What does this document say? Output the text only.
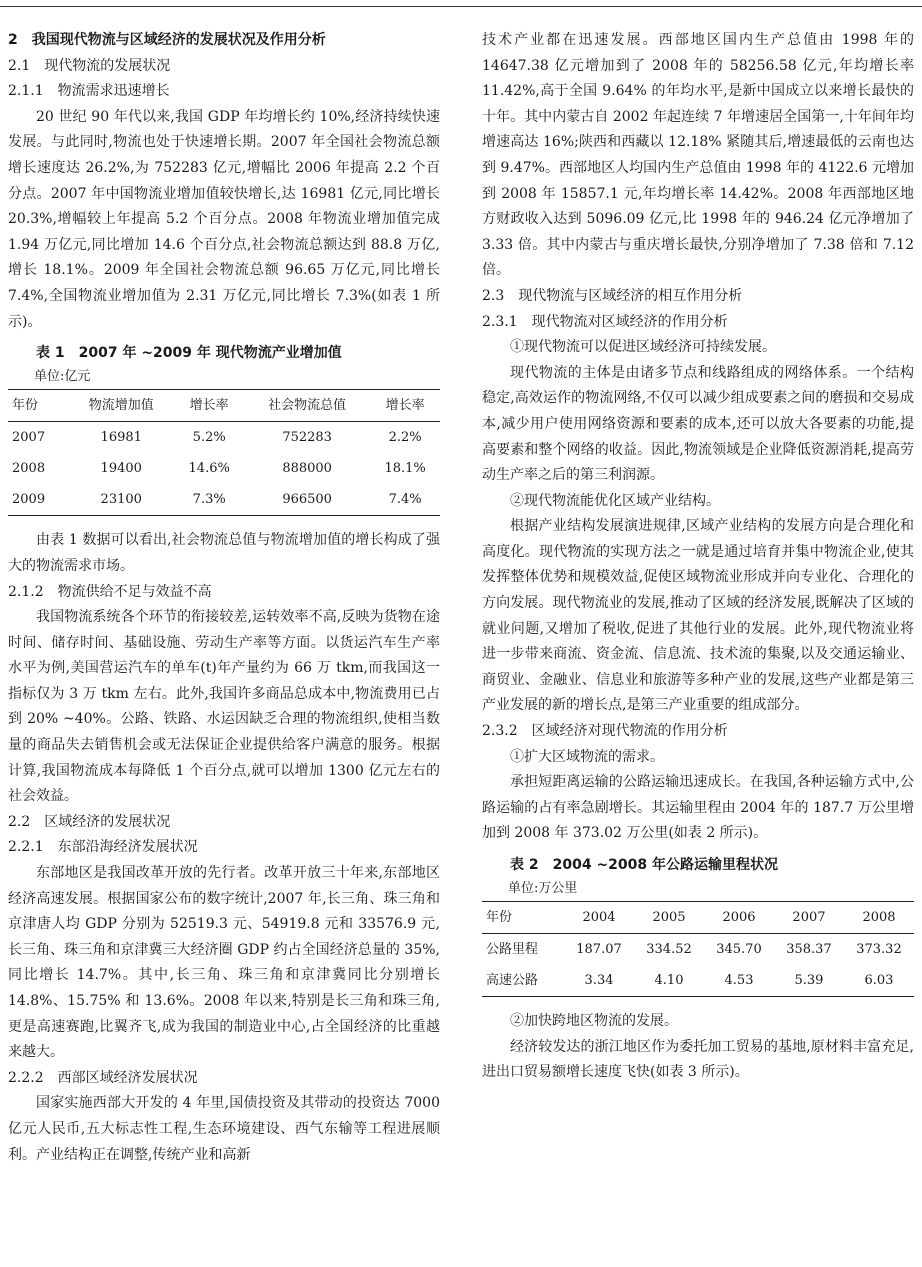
2　我国现代物流与区域经济的发展状况及作用分析

2.1　现代物流的发展状况

2.1.1　物流需求迅速增长

20 世纪 90 年代以来,我国 GDP 年均增长约 10%,经济持续快速发展。与此同时,物流也处于快速增长期。2007 年全国社会物流总额增长速度达 26.2%,为 752283 亿元,增幅比 2006 年提高 2.2 个百分点。2007 年中国物流业增加值较快增长,达 16981 亿元,同比增长 20.3%,增幅较上年提高 5.2 个百分点。2008 年物流业增加值完成 1.94 万亿元,同比增加 14.6 个百分点,社会物流总额达到 88.8 万亿,增长 18.1%。2009 年全国社会物流总额 96.65 万亿元,同比增长 7.4%,全国物流业增加值为 2.31 万亿元,同比增长 7.3%(如表 1 所示)。

表 1　2007 年 ~2009 年 现代物流产业增加值

单位:亿元

年份	物流增加值	增长率	社会物流总值	增长率
2007	16981	5.2%	752283	2.2%
2008	19400	14.6%	888000	18.1%
2009	23100	7.3%	966500	7.4%

由表 1 数据可以看出,社会物流总值与物流增加值的增长构成了强大的物流需求市场。

2.1.2　物流供给不足与效益不高

我国物流系统各个环节的衔接较差,运转效率不高,反映为货物在途时间、储存时间、基础设施、劳动生产率等方面。以货运汽车生产率水平为例,美国营运汽车的单车(t)年产量约为 66 万 tkm,而我国这一指标仅为 3 万 tkm 左右。此外,我国许多商品总成本中,物流费用已占到 20% ~40%。公路、铁路、水运因缺乏合理的物流组织,使相当数量的商品失去销售机会或无法保证企业提供给客户满意的服务。根据计算,我国物流成本每降低 1 个百分点,就可以增加 1300 亿元左右的社会效益。

2.2　区域经济的发展状况

2.2.1　东部沿海经济发展状况

东部地区是我国改革开放的先行者。改革开放三十年来,东部地区经济高速发展。根据国家公布的数字统计,2007 年,长三角、珠三角和京津唐人均 GDP 分别为 52519.3 元、54919.8 元和 33576.9 元,长三角、珠三角和京津冀三大经济圈 GDP 约占全国经济总量的 35%,同比增长 14.7%。其中,长三角、珠三角和京津冀同比分别增长 14.8%、15.75% 和 13.6%。2008 年以来,特别是长三角和珠三角,更是高速赛跑,比翼齐飞,成为我国的制造业中心,占全国经济的比重越来越大。

2.2.2　西部区域经济发展状况

国家实施西部大开发的 4 年里,国债投资及其带动的投资达 7000 亿元人民币,五大标志性工程,生态环境建设、西气东输等工程进展顺利。产业结构正在调整,传统产业和高新

技术产业都在迅速发展。西部地区国内生产总值由 1998 年的 14647.38 亿元增加到了 2008 年的 58256.58 亿元,年均增长率 11.42%,高于全国 9.64% 的年均水平,是新中国成立以来增长最快的十年。其中内蒙古自 2002 年起连续 7 年增速居全国第一,十年间年均增速高达 16%;陕西和西藏以 12.18% 紧随其后,增速最低的云南也达到 9.47%。西部地区人均国内生产总值由 1998 年的 4122.6 元增加到 2008 年 15857.1 元,年均增长率 14.42%。2008 年西部地区地方财政收入达到 5096.09 亿元,比 1998 年的 946.24 亿元净增加了 3.33 倍。其中内蒙古与重庆增长最快,分别净增加了 7.38 倍和 7.12 倍。

2.3　现代物流与区域经济的相互作用分析

2.3.1　现代物流对区域经济的作用分析

①现代物流可以促进区域经济可持续发展。

现代物流的主体是由诸多节点和线路组成的网络体系。一个结构稳定,高效运作的物流网络,不仅可以减少组成要素之间的磨损和交易成本,减少用户使用网络资源和要素的成本,还可以放大各要素的功能,提高要素和整个网络的收益。因此,物流领域是企业降低资源消耗,提高劳动生产率之后的第三利润源。

②现代物流能优化区域产业结构。

根据产业结构发展演进规律,区域产业结构的发展方向是合理化和高度化。现代物流的实现方法之一就是通过培育并集中物流企业,使其发挥整体优势和规模效益,促使区域物流业形成并向专业化、合理化的方向发展。现代物流业的发展,推动了区域的经济发展,既解决了区域的就业问题,又增加了税收,促进了其他行业的发展。此外,现代物流业将进一步带来商流、资金流、信息流、技术流的集聚,以及交通运输业、商贸业、金融业、信息业和旅游等多种产业的发展,这些产业都是第三产业发展的新的增长点,是第三产业重要的组成部分。

2.3.2　区域经济对现代物流的作用分析

①扩大区域物流的需求。

承担短距离运输的公路运输迅速成长。在我国,各种运输方式中,公路运输的占有率急剧增长。其运输里程由 2004 年的 187.7 万公里增加到 2008 年 373.02 万公里(如表 2 所示)。

表 2　2004 ~2008 年公路运输里程状况

单位:万公里

年份	2004	2005	2006	2007	2008
公路里程	187.07	334.52	345.70	358.37	373.32
高速公路	3.34	4.10	4.53	5.39	6.03

②加快跨地区物流的发展。

经济较发达的浙江地区作为委托加工贸易的基地,原材料丰富充足,进出口贸易额增长速度飞快(如表 3 所示)。
